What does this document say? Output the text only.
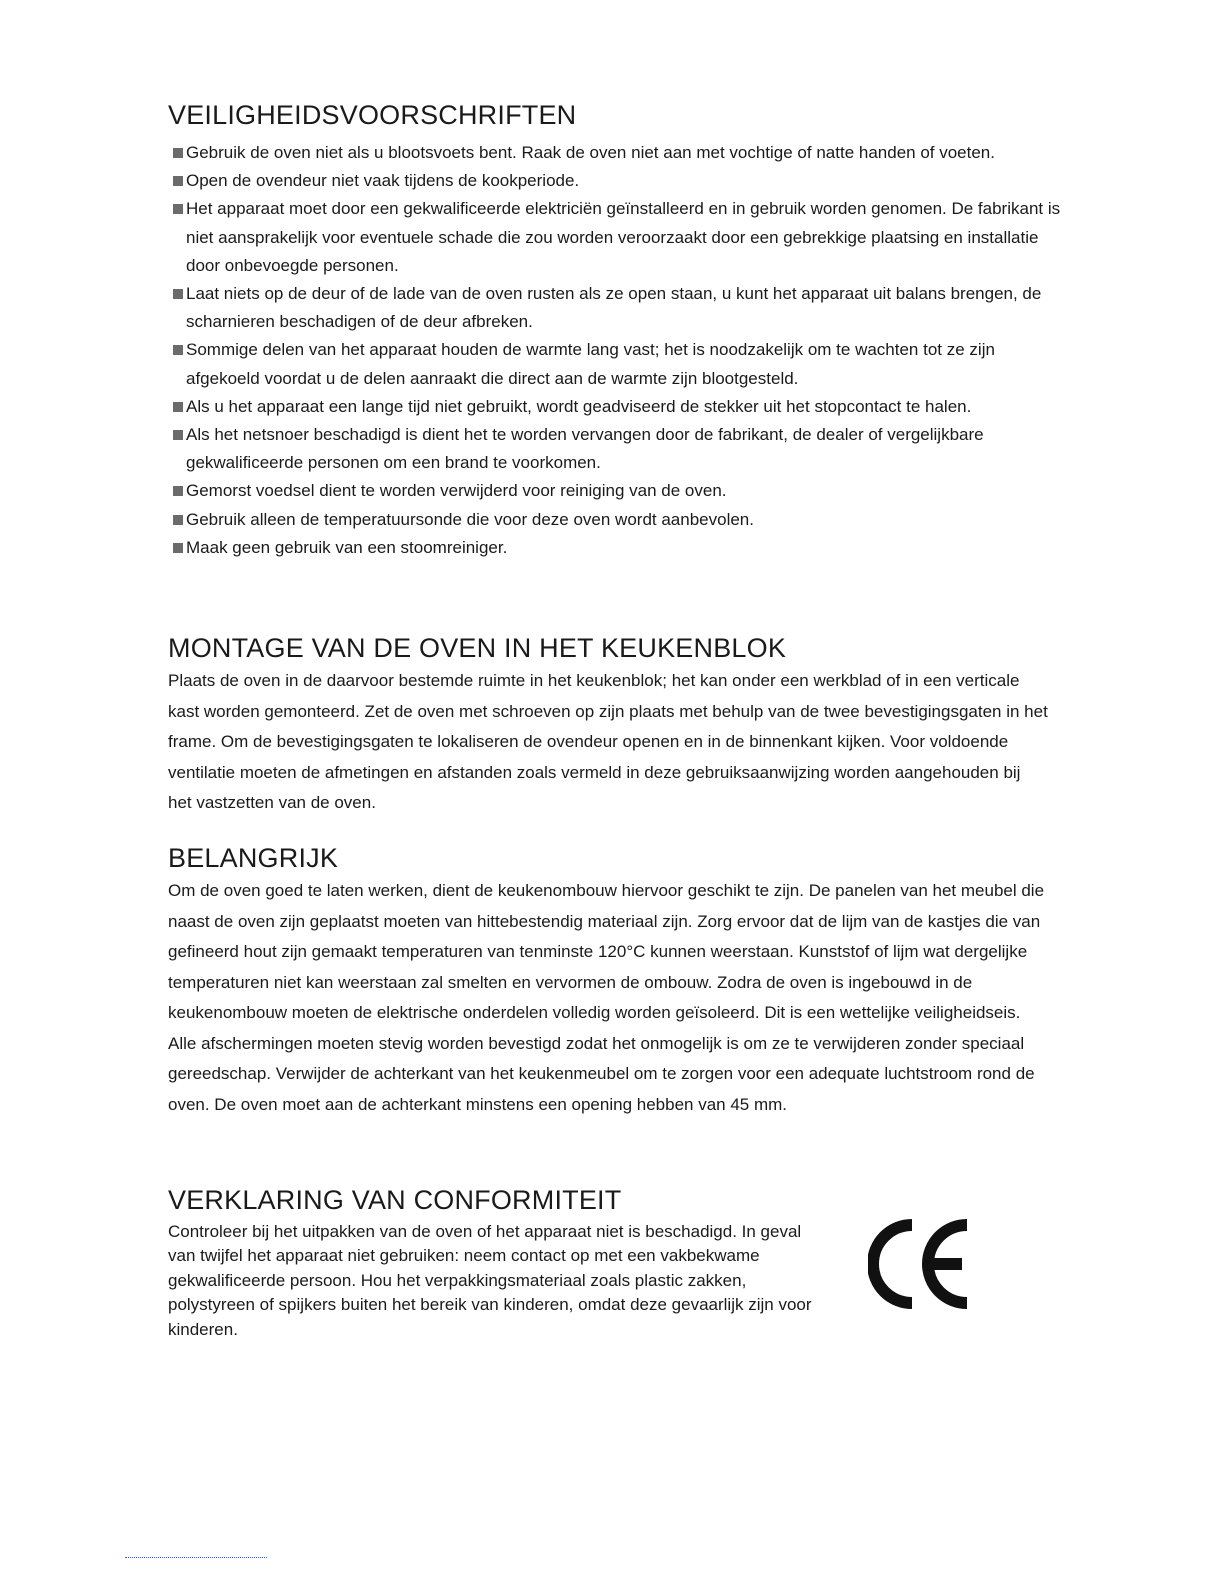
VEILIGHEIDSVOORSCHRIFTEN
Gebruik de oven niet als u blootsvoets bent. Raak de oven niet aan met vochtige of natte handen of voeten.
Open de ovendeur niet vaak tijdens de kookperiode.
Het apparaat moet door een gekwalificeerde elektriciën geïnstalleerd en in gebruik worden genomen. De fabrikant is niet aansprakelijk voor eventuele schade die zou worden veroorzaakt door een gebrekkige plaatsing en installatie door onbevoegde personen.
Laat niets op de deur of de lade van de oven rusten als ze open staan, u kunt het apparaat uit balans brengen, de scharnieren beschadigen of de deur afbreken.
Sommige delen van het apparaat houden de warmte lang vast; het is noodzakelijk om te wachten tot ze zijn afgekoeld voordat u de delen aanraakt die direct aan de warmte zijn blootgesteld.
Als u het apparaat een lange tijd niet gebruikt, wordt geadviseerd de stekker uit het stopcontact te halen.
Als het netsnoer beschadigd is dient het te worden vervangen door de fabrikant, de dealer of vergelijkbare gekwalificeerde personen om een brand te voorkomen.
Gemorst voedsel dient te worden verwijderd voor reiniging van de oven.
Gebruik alleen de temperatuursonde die voor deze oven wordt aanbevolen.
Maak geen gebruik van een stoomreiniger.
MONTAGE VAN DE OVEN IN HET KEUKENBLOK

Plaats de oven in de daarvoor bestemde ruimte in het keukenblok; het kan onder een werkblad of in een verticale kast worden gemonteerd. Zet de oven met schroeven op zijn plaats met behulp van de twee bevestigingsgaten in het frame. Om de bevestigingsgaten te lokaliseren de ovendeur openen en in de binnenkant kijken. Voor voldoende ventilatie moeten de afmetingen en afstanden zoals vermeld in deze gebruiksaanwijzing worden aangehouden bij het vastzetten van de oven.

BELANGRIJK

Om de oven goed te laten werken, dient de keukenombouw hiervoor geschikt te zijn. De panelen van het meubel die naast de oven zijn geplaatst moeten van hittebestendig materiaal zijn. Zorg ervoor dat de lijm van de kastjes die van gefineerd hout zijn gemaakt temperaturen van tenminste 120°C kunnen weerstaan. Kunststof of lijm wat dergelijke temperaturen niet kan weerstaan zal smelten en vervormen de ombouw. Zodra de oven is ingebouwd in de keukenombouw moeten de elektrische onderdelen volledig worden geïsoleerd. Dit is een wettelijke veiligheidseis. Alle afschermingen moeten stevig worden bevestigd zodat het onmogelijk is om ze te verwijderen zonder speciaal gereedschap. Verwijder de achterkant van het keukenmeubel om te zorgen voor een adequate luchtstroom rond de oven. De oven moet aan de achterkant minstens een opening hebben van 45 mm.

VERKLARING VAN CONFORMITEIT

Controleer bij het uitpakken van de oven of het apparaat niet is beschadigd. In geval van twijfel het apparaat niet gebruiken: neem contact op met een vakbekwame gekwalificeerde persoon. Hou het verpakkingsmateriaal zoals plastic zakken, polystyreen of spijkers buiten het bereik van kinderen, omdat deze gevaarlijk zijn voor kinderen.
